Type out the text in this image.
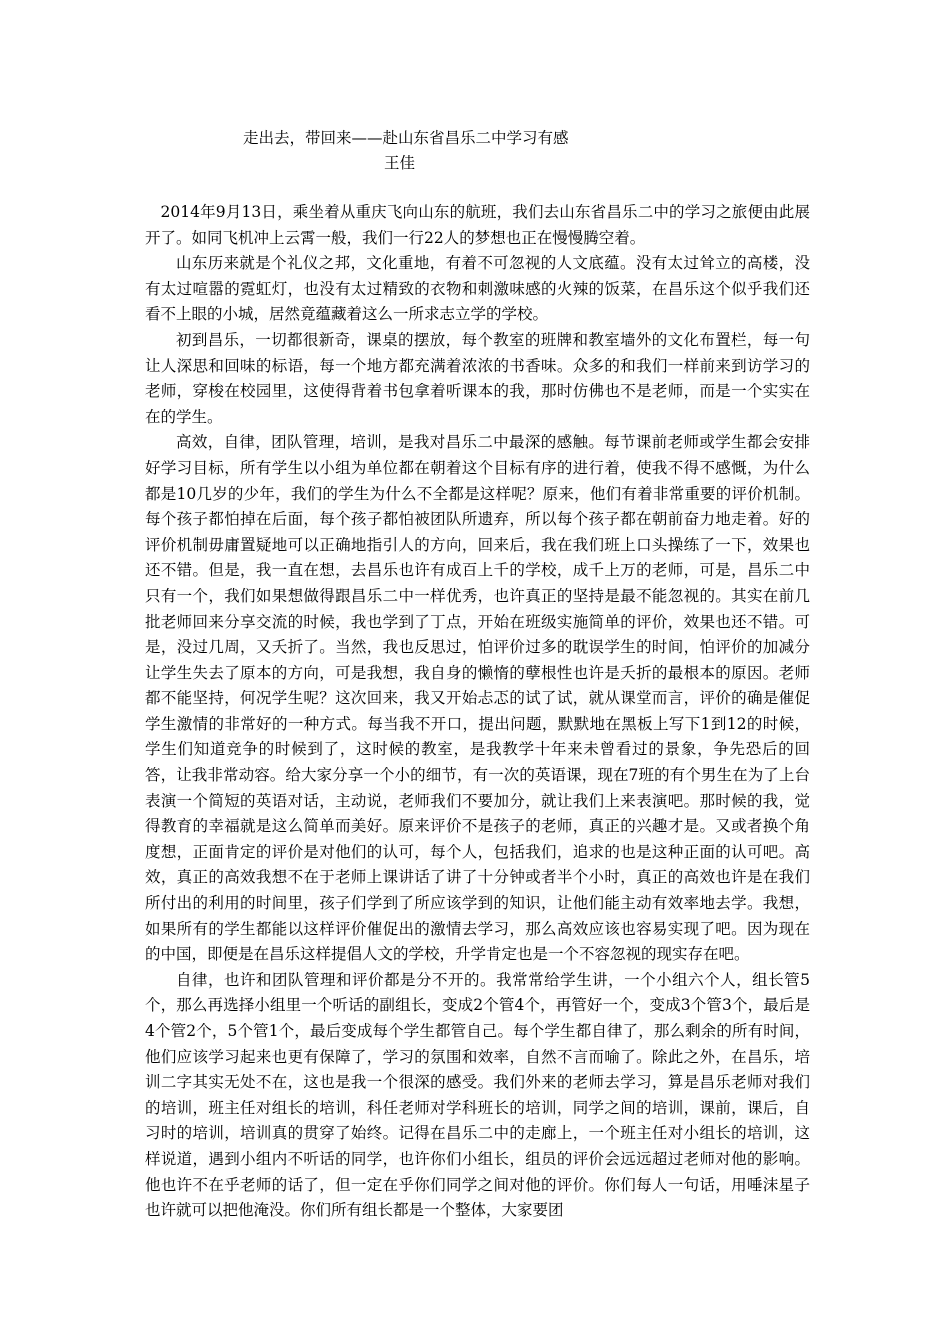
走出去，带回来——赴山东省昌乐二中学习有感
王佳

2014年9月13日，乘坐着从重庆飞向山东的航班，我们去山东省昌乐二中的学习之旅便由此展开了。如同飞机冲上云霄一般，我们一行22人的梦想也正在慢慢腾空着。

山东历来就是个礼仪之邦，文化重地，有着不可忽视的人文底蕴。没有太过耸立的高楼，没有太过喧嚣的霓虹灯，也没有太过精致的衣物和刺激味感的火辣的饭菜，在昌乐这个似乎我们还看不上眼的小城，居然竟蕴藏着这么一所求志立学的学校。

初到昌乐，一切都很新奇，课桌的摆放，每个教室的班牌和教室墙外的文化布置栏，每一句让人深思和回味的标语，每一个地方都充满着浓浓的书香味。众多的和我们一样前来到访学习的老师，穿梭在校园里，这使得背着书包拿着听课本的我，那时仿佛也不是老师，而是一个实实在在的学生。

高效，自律，团队管理，培训，是我对昌乐二中最深的感触。每节课前老师或学生都会安排好学习目标，所有学生以小组为单位都在朝着这个目标有序的进行着，使我不得不感慨，为什么都是10几岁的少年，我们的学生为什么不全都是这样呢？原来，他们有着非常重要的评价机制。每个孩子都怕掉在后面，每个孩子都怕被团队所遗弃，所以每个孩子都在朝前奋力地走着。好的评价机制毋庸置疑地可以正确地指引人的方向，回来后，我在我们班上口头操练了一下，效果也还不错。但是，我一直在想，去昌乐也许有成百上千的学校，成千上万的老师，可是，昌乐二中只有一个，我们如果想做得跟昌乐二中一样优秀，也许真正的坚持是最不能忽视的。其实在前几批老师回来分享交流的时候，我也学到了丁点，开始在班级实施简单的评价，效果也还不错。可是，没过几周，又夭折了。当然，我也反思过，怕评价过多的耽误学生的时间，怕评价的加减分让学生失去了原本的方向，可是我想，我自身的懒惰的孽根性也许是夭折的最根本的原因。老师都不能坚持，何况学生呢？这次回来，我又开始忐忑的试了试，就从课堂而言，评价的确是催促学生激情的非常好的一种方式。每当我不开口，提出问题，默默地在黑板上写下1到12的时候，学生们知道竞争的时候到了，这时候的教室，是我教学十年来未曾看过的景象，争先恐后的回答，让我非常动容。给大家分享一个小的细节，有一次的英语课，现在7班的有个男生在为了上台表演一个简短的英语对话，主动说，老师我们不要加分，就让我们上来表演吧。那时候的我，觉得教育的幸福就是这么简单而美好。原来评价不是孩子的老师，真正的兴趣才是。又或者换个角度想，正面肯定的评价是对他们的认可，每个人，包括我们，追求的也是这种正面的认可吧。高效，真正的高效我想不在于老师上课讲话了讲了十分钟或者半个小时，真正的高效也许是在我们所付出的利用的时间里，孩子们学到了所应该学到的知识，让他们能主动有效率地去学。我想，如果所有的学生都能以这样评价催促出的激情去学习，那么高效应该也容易实现了吧。因为现在的中国，即便是在昌乐这样提倡人文的学校，升学肯定也是一个不容忽视的现实存在吧。

自律，也许和团队管理和评价都是分不开的。我常常给学生讲，一个小组六个人，组长管5个，那么再选择小组里一个听话的副组长，变成2个管4个，再管好一个，变成3个管3个，最后是4个管2个，5个管1个，最后变成每个学生都管自己。每个学生都自律了，那么剩余的所有时间，他们应该学习起来也更有保障了，学习的氛围和效率，自然不言而喻了。除此之外，在昌乐，培训二字其实无处不在，这也是我一个很深的感受。我们外来的老师去学习，算是昌乐老师对我们的培训，班主任对组长的培训，科任老师对学科班长的培训，同学之间的培训，课前，课后，自习时的培训，培训真的贯穿了始终。记得在昌乐二中的走廊上，一个班主任对小组长的培训，这样说道，遇到小组内不听话的同学，也许你们小组长，组员的评价会远远超过老师对他的影响。他也许不在乎老师的话了，但一定在乎你们同学之间对他的评价。你们每人一句话，用唾沫星子也许就可以把他淹没。你们所有组长都是一个整体，大家要团
